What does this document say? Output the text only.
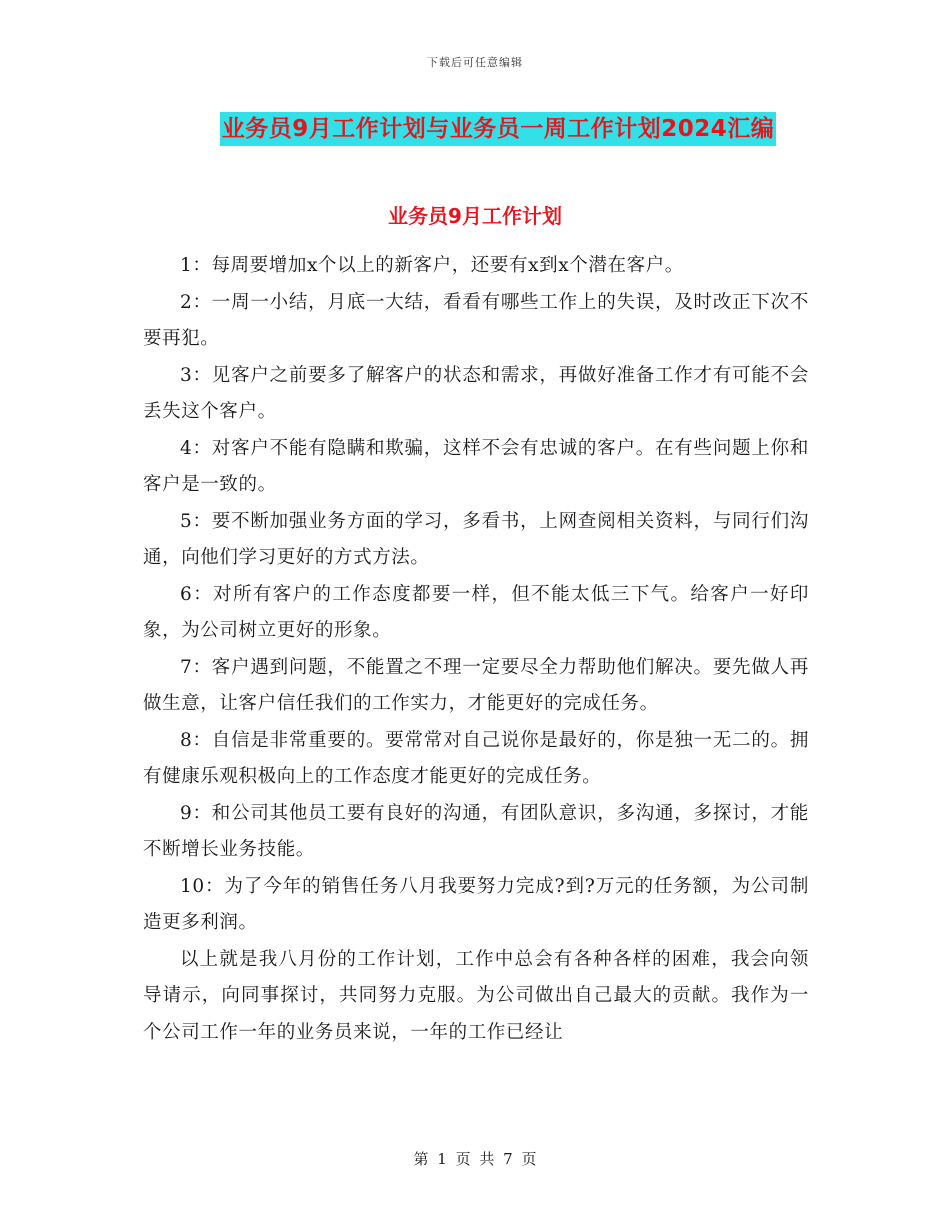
下载后可任意编辑
业务员9月工作计划与业务员一周工作计划2024汇编
业务员9月工作计划

1：每周要增加x个以上的新客户，还要有x到x个潜在客户。

2：一周一小结，月底一大结，看看有哪些工作上的失误，及时改正下次不要再犯。

3：见客户之前要多了解客户的状态和需求，再做好准备工作才有可能不会丢失这个客户。

4：对客户不能有隐瞒和欺骗，这样不会有忠诚的客户。在有些问题上你和客户是一致的。

5：要不断加强业务方面的学习，多看书，上网查阅相关资料，与同行们沟通，向他们学习更好的方式方法。

6：对所有客户的工作态度都要一样，但不能太低三下气。给客户一好印象，为公司树立更好的形象。

7：客户遇到问题，不能置之不理一定要尽全力帮助他们解决。要先做人再做生意，让客户信任我们的工作实力，才能更好的完成任务。

8：自信是非常重要的。要常常对自己说你是最好的，你是独一无二的。拥有健康乐观积极向上的工作态度才能更好的完成任务。

9：和公司其他员工要有良好的沟通，有团队意识，多沟通，多探讨，才能不断增长业务技能。

10：为了今年的销售任务八月我要努力完成?到?万元的任务额，为公司制造更多利润。

以上就是我八月份的工作计划，工作中总会有各种各样的困难，我会向领导请示，向同事探讨，共同努力克服。为公司做出自己最大的贡献。我作为一个公司工作一年的业务员来说，一年的工作已经让

第 1 页 共 7 页
